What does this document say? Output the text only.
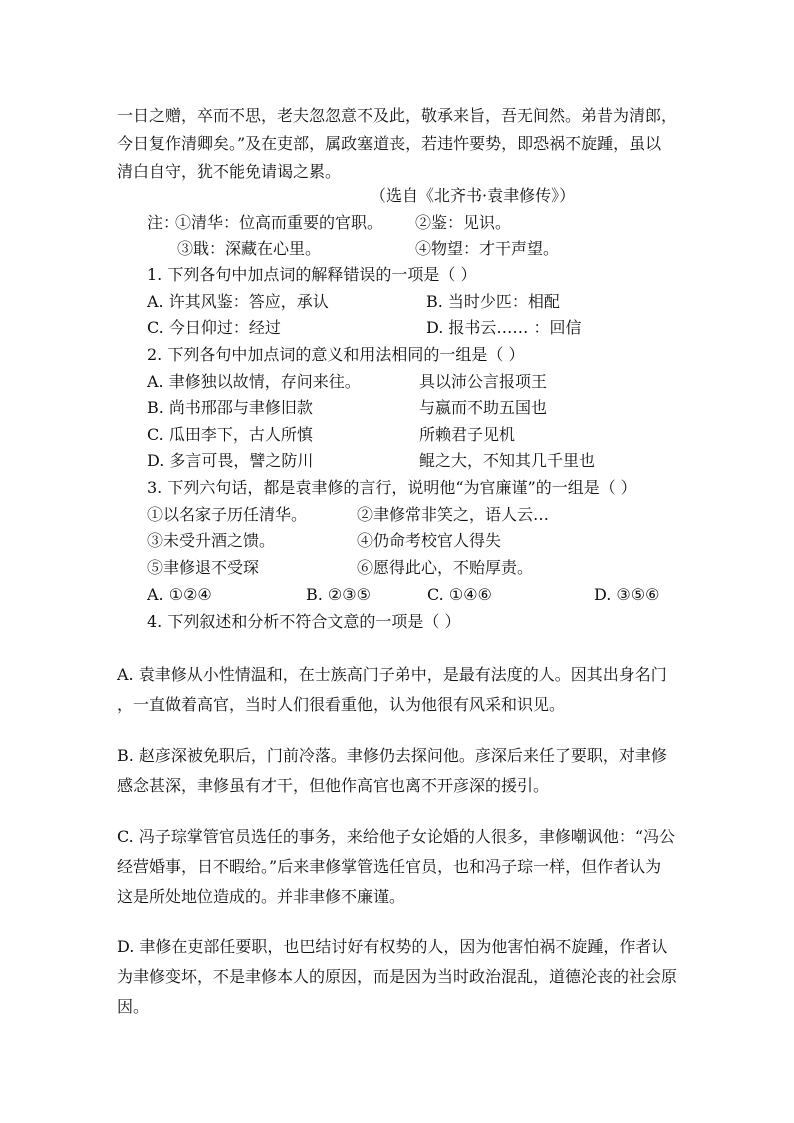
一日之赠，卒而不思，老夫忽忽意不及此，敬承来旨，吾无间然。弟昔为清郎，
今日复作清卿矣。”及在吏部，属政塞道丧，若违忤要势，即恐祸不旋踵，虽以
清白自守，犹不能免请谒之累。
（选自《北齐书·袁聿修传》）
注：
①清华：位高而重要的官职。 ②鉴：见识。
③戢：深藏在心里。	④物望：才干声望。
1. 下列各句中加点词的解释错误的一项是（ ）
A. 许其风鉴：答应，承认	B. 当时少匹：相配
C. 今日仰过：经过	D. 报书云…… ：回信
2. 下列各句中加点词的意义和用法相同的一组是（ ）
A. 聿修独以故情，存问来往。	具以沛公言报项王
B. 尚书邢邵与聿修旧款	与嬴而不助五国也
C. 瓜田李下，古人所慎	所赖君子见机
D. 多言可畏，譬之防川	鲲之大，不知其几千里也
3. 下列六句话，都是袁聿修的言行，说明他“为官廉谨”的一组是（ ）
①以名家子历任清华。	②聿修常非笑之，语人云…
③未受升酒之馈。	④仍命考校官人得失
⑤聿修退不受琛	⑥愿得此心，不贻厚责。
A. ①②④	B. ②③⑤	C. ①④⑥	D. ③⑤⑥
4. 下列叙述和分析不符合文意的一项是（ ）
A. 袁聿修从小性情温和，在士族高门子弟中，是最有法度的人。因其出身名门
，一直做着高官，当时人们很看重他，认为他很有风采和识见。
B. 赵彦深被免职后，门前冷落。聿修仍去探问他。彦深后来任了要职，对聿修
感念甚深，聿修虽有才干，但他作高官也离不开彦深的援引。
C. 冯子琮掌管官员选任的事务，来给他子女论婚的人很多，聿修嘲讽他：“冯公
经营婚事，日不暇给。”后来聿修掌管选任官员，也和冯子琮一样，但作者认为
这是所处地位造成的。并非聿修不廉谨。
D. 聿修在吏部任要职，也巴结讨好有权势的人，因为他害怕祸不旋踵，作者认
为聿修变坏，不是聿修本人的原因，而是因为当时政治混乱，道德沦丧的社会原
因。
